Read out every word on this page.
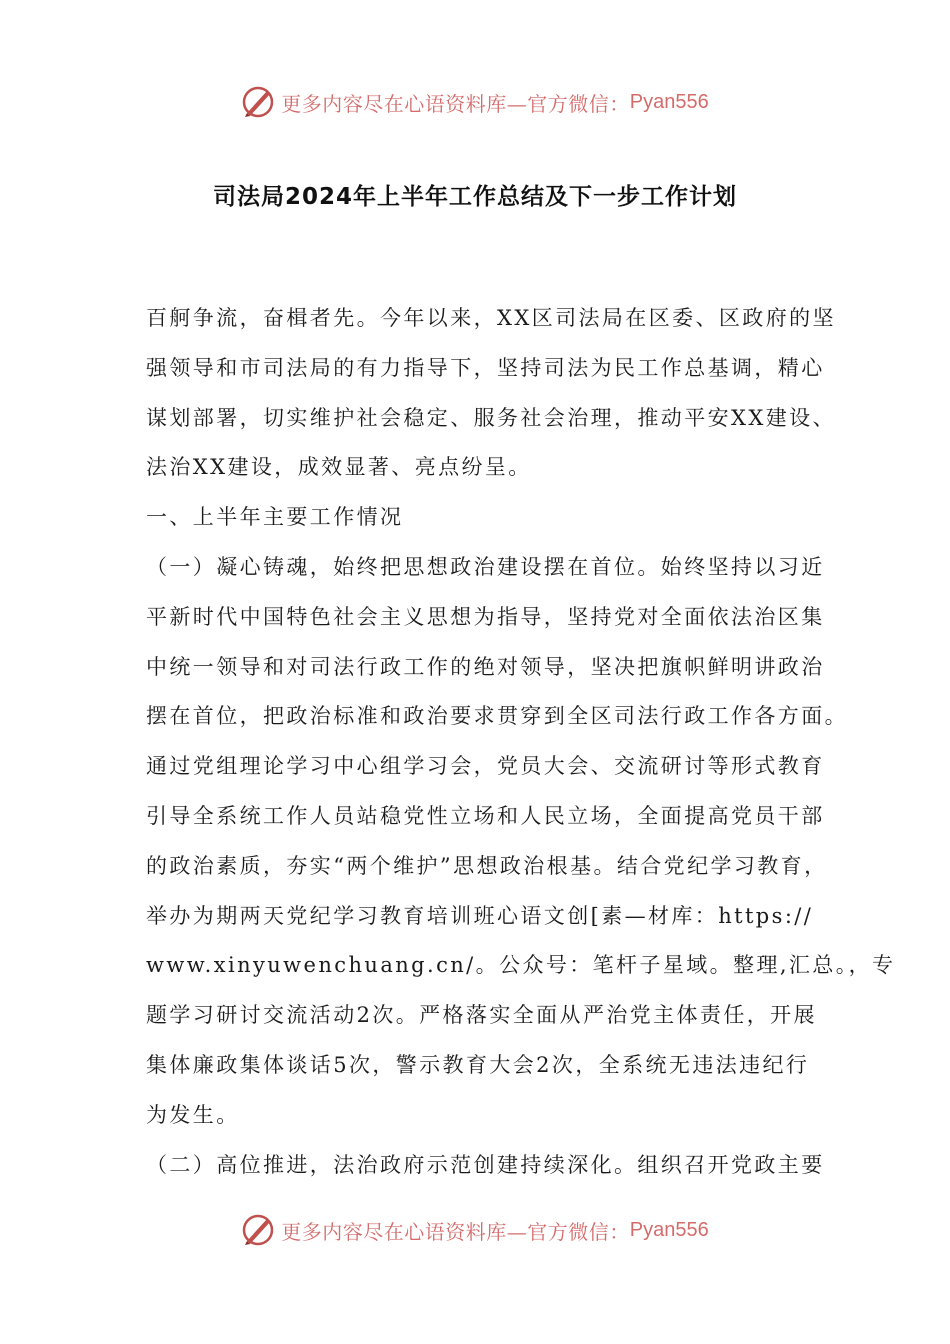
更多内容尽在心语资料库—官方微信： Pyan556
司法局2024年上半年工作总结及下一步工作计划
百舸争流，奋楫者先。今年以来，XX区司法局在区委、区政府的坚
强领导和市司法局的有力指导下，坚持司法为民工作总基调，精心
谋划部署，切实维护社会稳定、服务社会治理，推动平安XX建设、
法治XX建设，成效显著、亮点纷呈。
一、上半年主要工作情况
（一）凝心铸魂，始终把思想政治建设摆在首位。始终坚持以习近
平新时代中国特色社会主义思想为指导，坚持党对全面依法治区集
中统一领导和对司法行政工作的绝对领导，坚决把旗帜鲜明讲政治
摆在首位，把政治标准和政治要求贯穿到全区司法行政工作各方面。
通过党组理论学习中心组学习会，党员大会、交流研讨等形式教育
引导全系统工作人员站稳党性立场和人民立场，全面提高党员干部
的政治素质，夯实“两个维护”思想政治根基。结合党纪学习教育，
举办为期两天党纪学习教育培训班心语文创[素—材库：https://
www.xinyuwenchuang.cn/。公众号：笔杆子星域。整理,汇总。，专
题学习研讨交流活动2次。严格落实全面从严治党主体责任，开展
集体廉政集体谈话5次，警示教育大会2次，全系统无违法违纪行
为发生。
（二）高位推进，法治政府示范创建持续深化。组织召开党政主要
更多内容尽在心语资料库—官方微信： Pyan556
